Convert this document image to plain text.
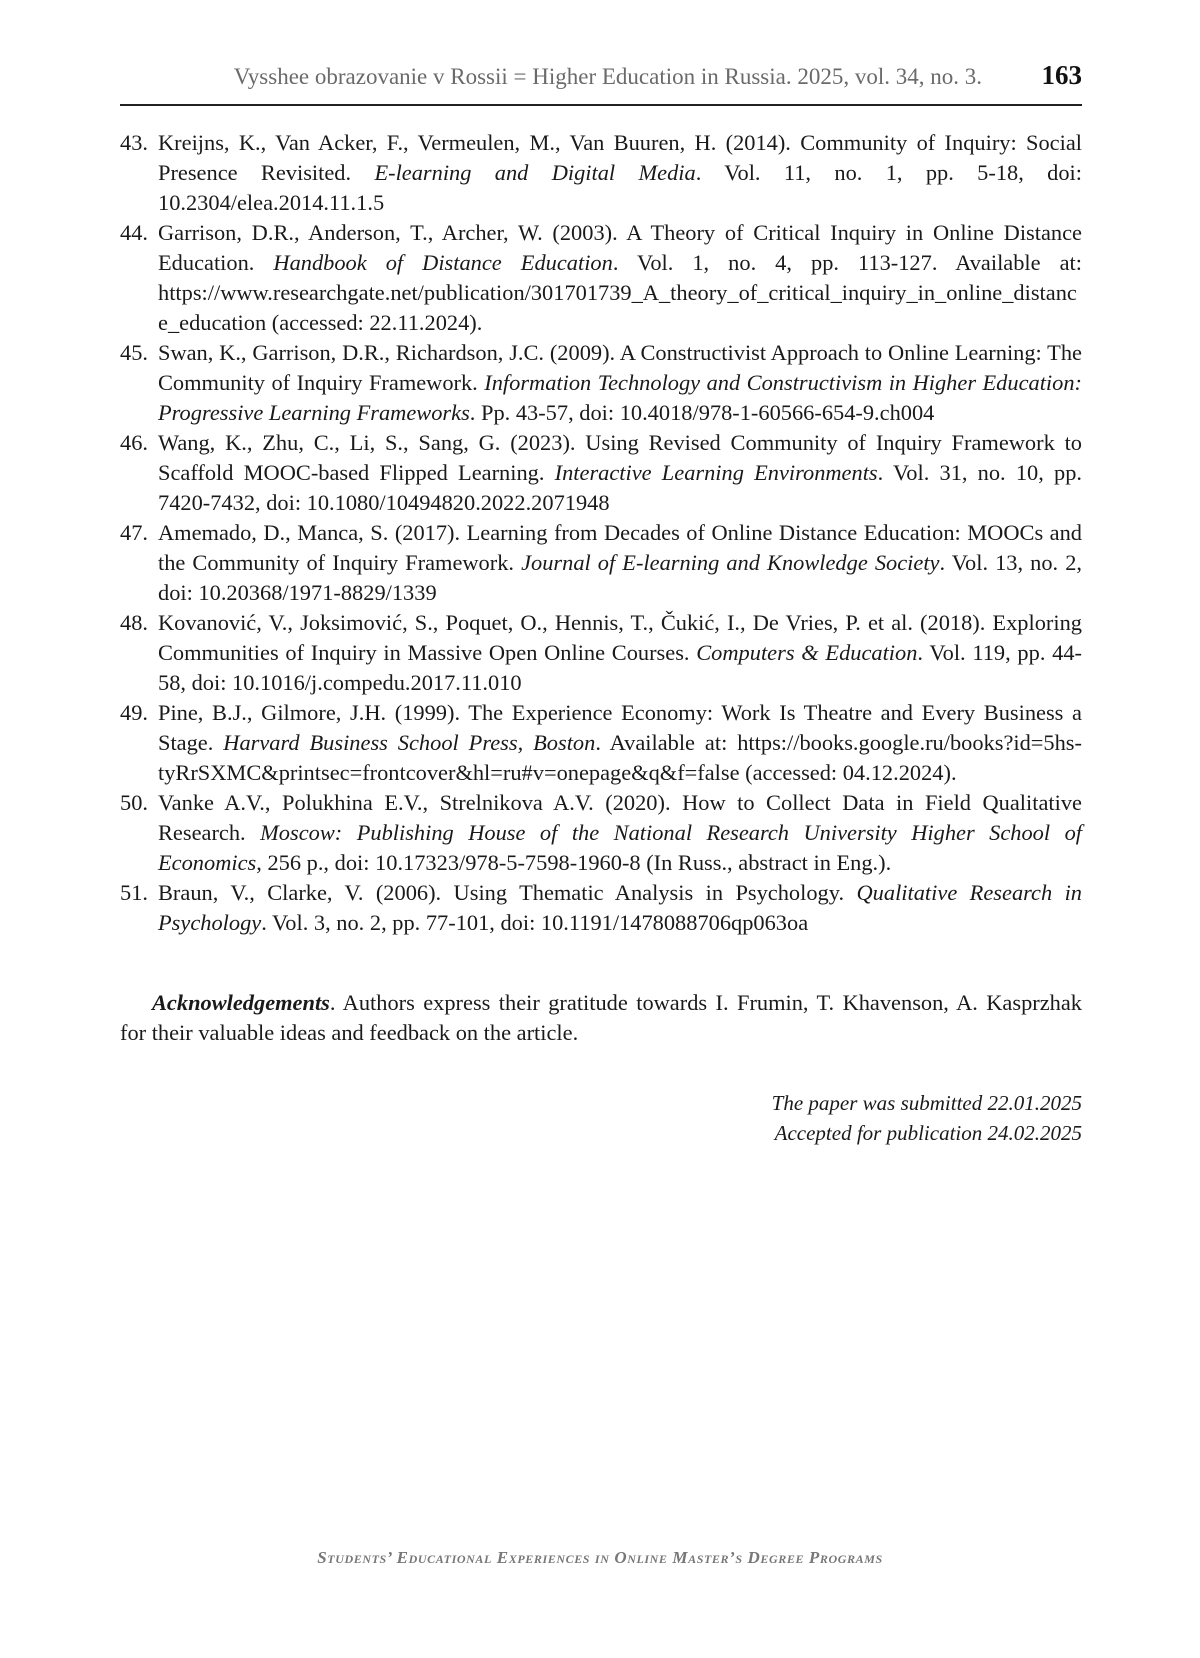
Vysshee obrazovanie v Rossii = Higher Education in Russia. 2025, vol. 34, no. 3. 163
43. Kreijns, K., Van Acker, F., Vermeulen, M., Van Buuren, H. (2014). Community of Inquiry: Social Presence Revisited. E-learning and Digital Media. Vol. 11, no. 1, pp. 5-18, doi: 10.2304/elea.2014.11.1.5
44. Garrison, D.R., Anderson, T., Archer, W. (2003). A Theory of Critical Inquiry in Online Distance Education. Handbook of Distance Education. Vol. 1, no. 4, pp. 113-127. Available at: https://www.researchgate.net/publication/301701739_A_theory_of_critical_inquiry_in_online_distance_education (accessed: 22.11.2024).
45. Swan, K., Garrison, D.R., Richardson, J.C. (2009). A Constructivist Approach to Online Learning: The Community of Inquiry Framework. Information Technology and Constructivism in Higher Education: Progressive Learning Frameworks. Pp. 43-57, doi: 10.4018/978-1-60566-654-9.ch004
46. Wang, K., Zhu, C., Li, S., Sang, G. (2023). Using Revised Community of Inquiry Framework to Scaffold MOOC-based Flipped Learning. Interactive Learning Environments. Vol. 31, no. 10, pp. 7420-7432, doi: 10.1080/10494820.2022.2071948
47. Amemado, D., Manca, S. (2017). Learning from Decades of Online Distance Education: MOOCs and the Community of Inquiry Framework. Journal of E-learning and Knowledge Society. Vol. 13, no. 2, doi: 10.20368/1971-8829/1339
48. Kovanović, V., Joksimović, S., Poquet, O., Hennis, T., Čukić, I., De Vries, P. et al. (2018). Exploring Communities of Inquiry in Massive Open Online Courses. Computers & Education. Vol. 119, pp. 44-58, doi: 10.1016/j.compedu.2017.11.010
49. Pine, B.J., Gilmore, J.H. (1999). The Experience Economy: Work Is Theatre and Every Business a Stage. Harvard Business School Press, Boston. Available at: https://books.google.ru/books?id=5hs-tyRrSXMC&printsec=frontcover&hl=ru#v=onepage&q&f=false (accessed: 04.12.2024).
50. Vanke A.V., Polukhina E.V., Strelnikova A.V. (2020). How to Collect Data in Field Qualitative Research. Moscow: Publishing House of the National Research University Higher School of Economics, 256 p., doi: 10.17323/978-5-7598-1960-8 (In Russ., abstract in Eng.).
51. Braun, V., Clarke, V. (2006). Using Thematic Analysis in Psychology. Qualitative Research in Psychology. Vol. 3, no. 2, pp. 77-101, doi: 10.1191/1478088706qp063oa

Acknowledgements. Authors express their gratitude towards I. Frumin, T. Khavenson, A. Kasprzhak for their valuable ideas and feedback on the article.

The paper was submitted 22.01.2025
Accepted for publication 24.02.2025
Students’ Educational Experiences in Online Master’s Degree Programs
